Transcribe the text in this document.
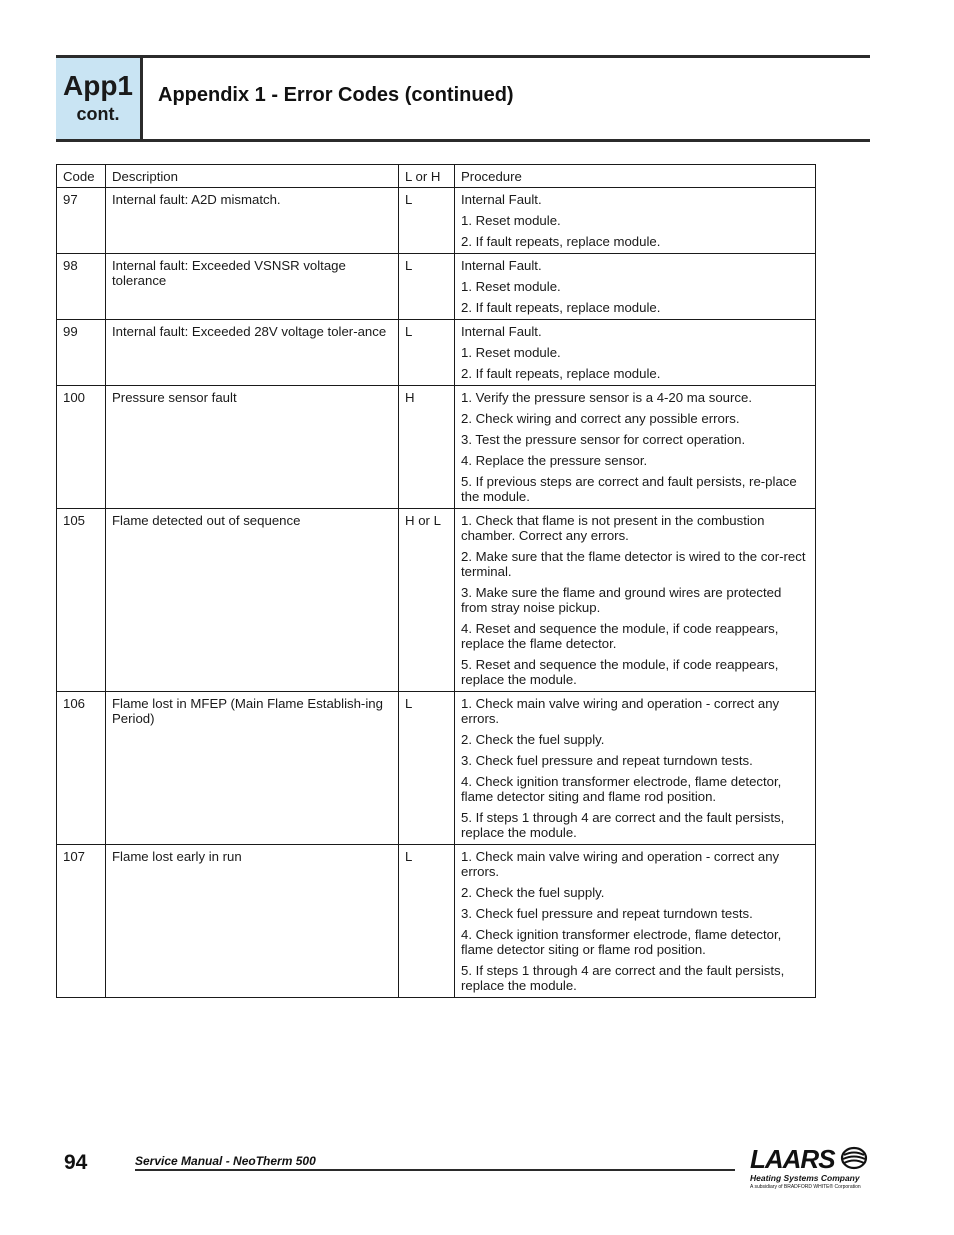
App1
cont.
Appendix 1 - Error Codes (continued)
Code	Description	L or H	Procedure
97	Internal fault: A2D mismatch.	L	Internal Fault.
1. Reset module.
2. If fault repeats, replace module.

98	Internal fault: Exceeded VSNSR voltage tolerance	L	Internal Fault.
1. Reset module.
2. If fault repeats, replace module.

99	Internal fault: Exceeded 28V voltage toler-ance	L	Internal Fault.
1. Reset module.
2. If fault repeats, replace module.

100	Pressure sensor fault	H	1. Verify the pressure sensor is a 4-20 ma source.
2. Check wiring and correct any possible errors.
3. Test the pressure sensor for correct operation.
4. Replace the pressure sensor.
5. If previous steps are correct and fault persists, re-place the module.

105	Flame detected out of sequence	H or L	1. Check that flame is not present in the combustion chamber. Correct any errors.
2. Make sure that the flame detector is wired to the cor-rect terminal.
3. Make sure the flame and ground wires are protected from stray noise pickup.
4. Reset and sequence the module, if code reappears, replace the flame detector.
5. Reset and sequence the module, if code reappears, replace the module.

106	Flame lost in MFEP (Main Flame Establish-ing Period)	L	1. Check main valve wiring and operation - correct any errors.
2. Check the fuel supply.
3. Check fuel pressure and repeat turndown tests.
4. Check ignition transformer electrode, flame detector, flame detector siting and flame rod position.
5. If steps 1 through 4 are correct and the fault persists, replace the module.

107	Flame lost early in run	L	1. Check main valve wiring and operation - correct any errors.
2. Check the fuel supply.
3. Check fuel pressure and repeat turndown tests.
4. Check ignition transformer electrode, flame detector, flame detector siting or flame rod position.
5. If steps 1 through 4 are correct and the fault persists, replace the module.
94	Service Manual - NeoTherm 500	LAARS
Heating Systems Company
A subsidiary of BRADFORD WHITE® Corporation
